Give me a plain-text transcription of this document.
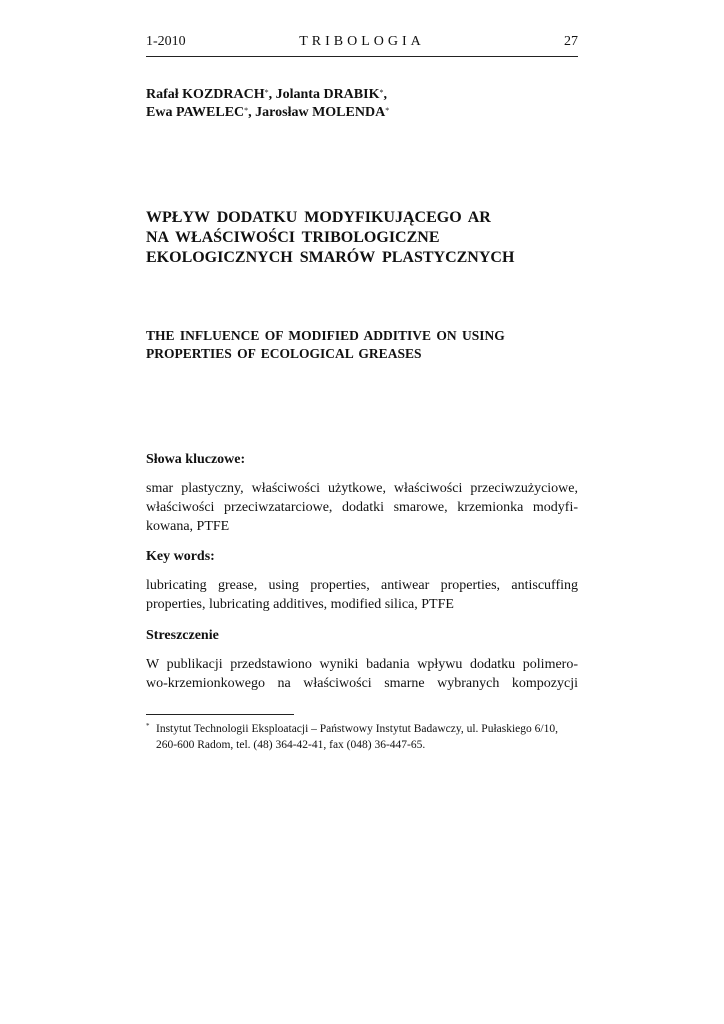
1-2010	TRIBOLOGIA	27
Rafał KOZDRACH*, Jolanta DRABIK*,
Ewa PAWELEC*, Jarosław MOLENDA*
WPŁYW DODATKU MODYFIKUJĄCEGO AR
NA WŁAŚCIWOŚCI TRIBOLOGICZNE
EKOLOGICZNYCH SMARÓW PLASTYCZNYCH
THE INFLUENCE OF MODIFIED ADDITIVE ON USING
PROPERTIES OF ECOLOGICAL GREASES
Słowa kluczowe:
smar plastyczny, właściwości użytkowe, właściwości przeciwzużyciowe,
właściwości przeciwzatarciowe, dodatki smarowe, krzemionka modyfi-
kowana, PTFE
Key words:
lubricating grease, using properties, antiwear properties, antiscuffing
properties, lubricating additives, modified silica, PTFE
Streszczenie
W publikacji przedstawiono wyniki badania wpływu dodatku polimero-
wo-krzemionkowego na właściwości smarne wybranych kompozycji
* Instytut Technologii Eksploatacji – Państwowy Instytut Badawczy, ul. Pułaskiego 6/10,
260-600 Radom, tel. (48) 364-42-41, fax (048) 36-447-65.
